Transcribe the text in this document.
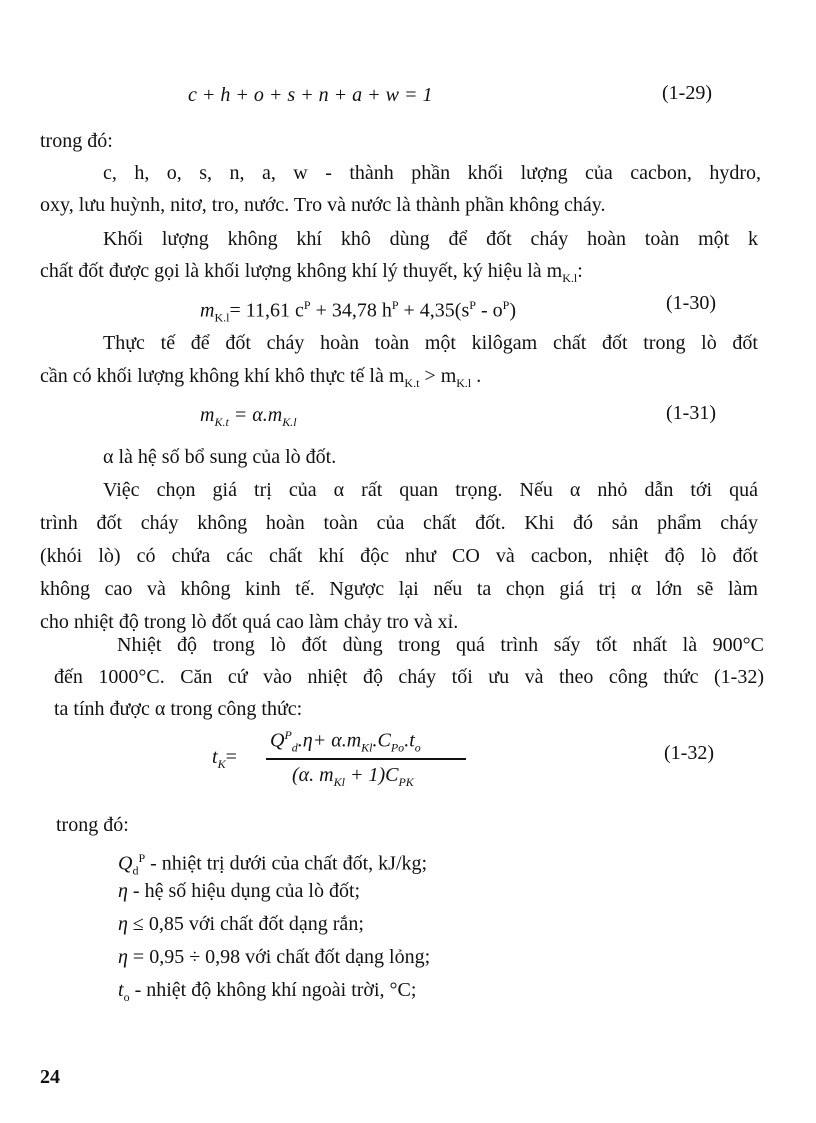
c + h + o + s + n + a + w = 1	(1-29)
trong đó:
c, h, o, s, n, a, w - thành phần khối lượng của cacbon, hydro,
oxy, lưu huỳnh, nitơ, tro, nước. Tro và nước là thành phần không cháy.
Khối lượng không khí khô dùng để đốt cháy hoàn toàn một k
chất đốt được gọi là khối lượng không khí lý thuyết, ký hiệu là $m_{K.l}$:
$m_{K.l}= 11,61$ $c^P + 34,78$ $h^P + 4,35(s^P - o^P)$	(1-30)
Thực tế để đốt cháy hoàn toàn một kilôgam chất đốt trong lò đốt
cần có khối lượng không khí khô thực tế là $m_{K.t} > m_{K.l}$ .
$m_{K.t} = \alpha.m_{K.l}$	(1-31)
α là hệ số bổ sung của lò đốt.
Việc chọn giá trị của α rất quan trọng. Nếu α nhỏ dẫn tới quá
trình đốt cháy không hoàn toàn của chất đốt. Khi đó sản phẩm cháy
(khói lò) có chứa các chất khí độc như CO và cacbon, nhiệt độ lò đốt
không cao và không kinh tế. Ngược lại nếu ta chọn giá trị α lớn sẽ làm
cho nhiệt độ trong lò đốt quá cao làm chảy tro và xỉ.
Nhiệt độ trong lò đốt dùng trong quá trình sấy tốt nhất là 900°C
đến 1000°C. Căn cứ vào nhiệt độ cháy tối ưu và theo công thức (1-32)
ta tính được α trong công thức:
$t_K=$
$Q^P_d.\eta+ \alpha.m_{Kl}.C_{Po}.t_o$
(α. $m_{Kl} + 1)C_{PK}$
(1-32)
trong đó:
$Q_d^P$ - nhiệt trị dưới của chất đốt, kJ/kg;
η - hệ số hiệu dụng của lò đốt;
η ≤ 0,85 với chất đốt dạng rắn;
η = 0,95 ÷ 0,98 với chất đốt dạng lỏng;
$t_o$ - nhiệt độ không khí ngoài trời, °C;
24
